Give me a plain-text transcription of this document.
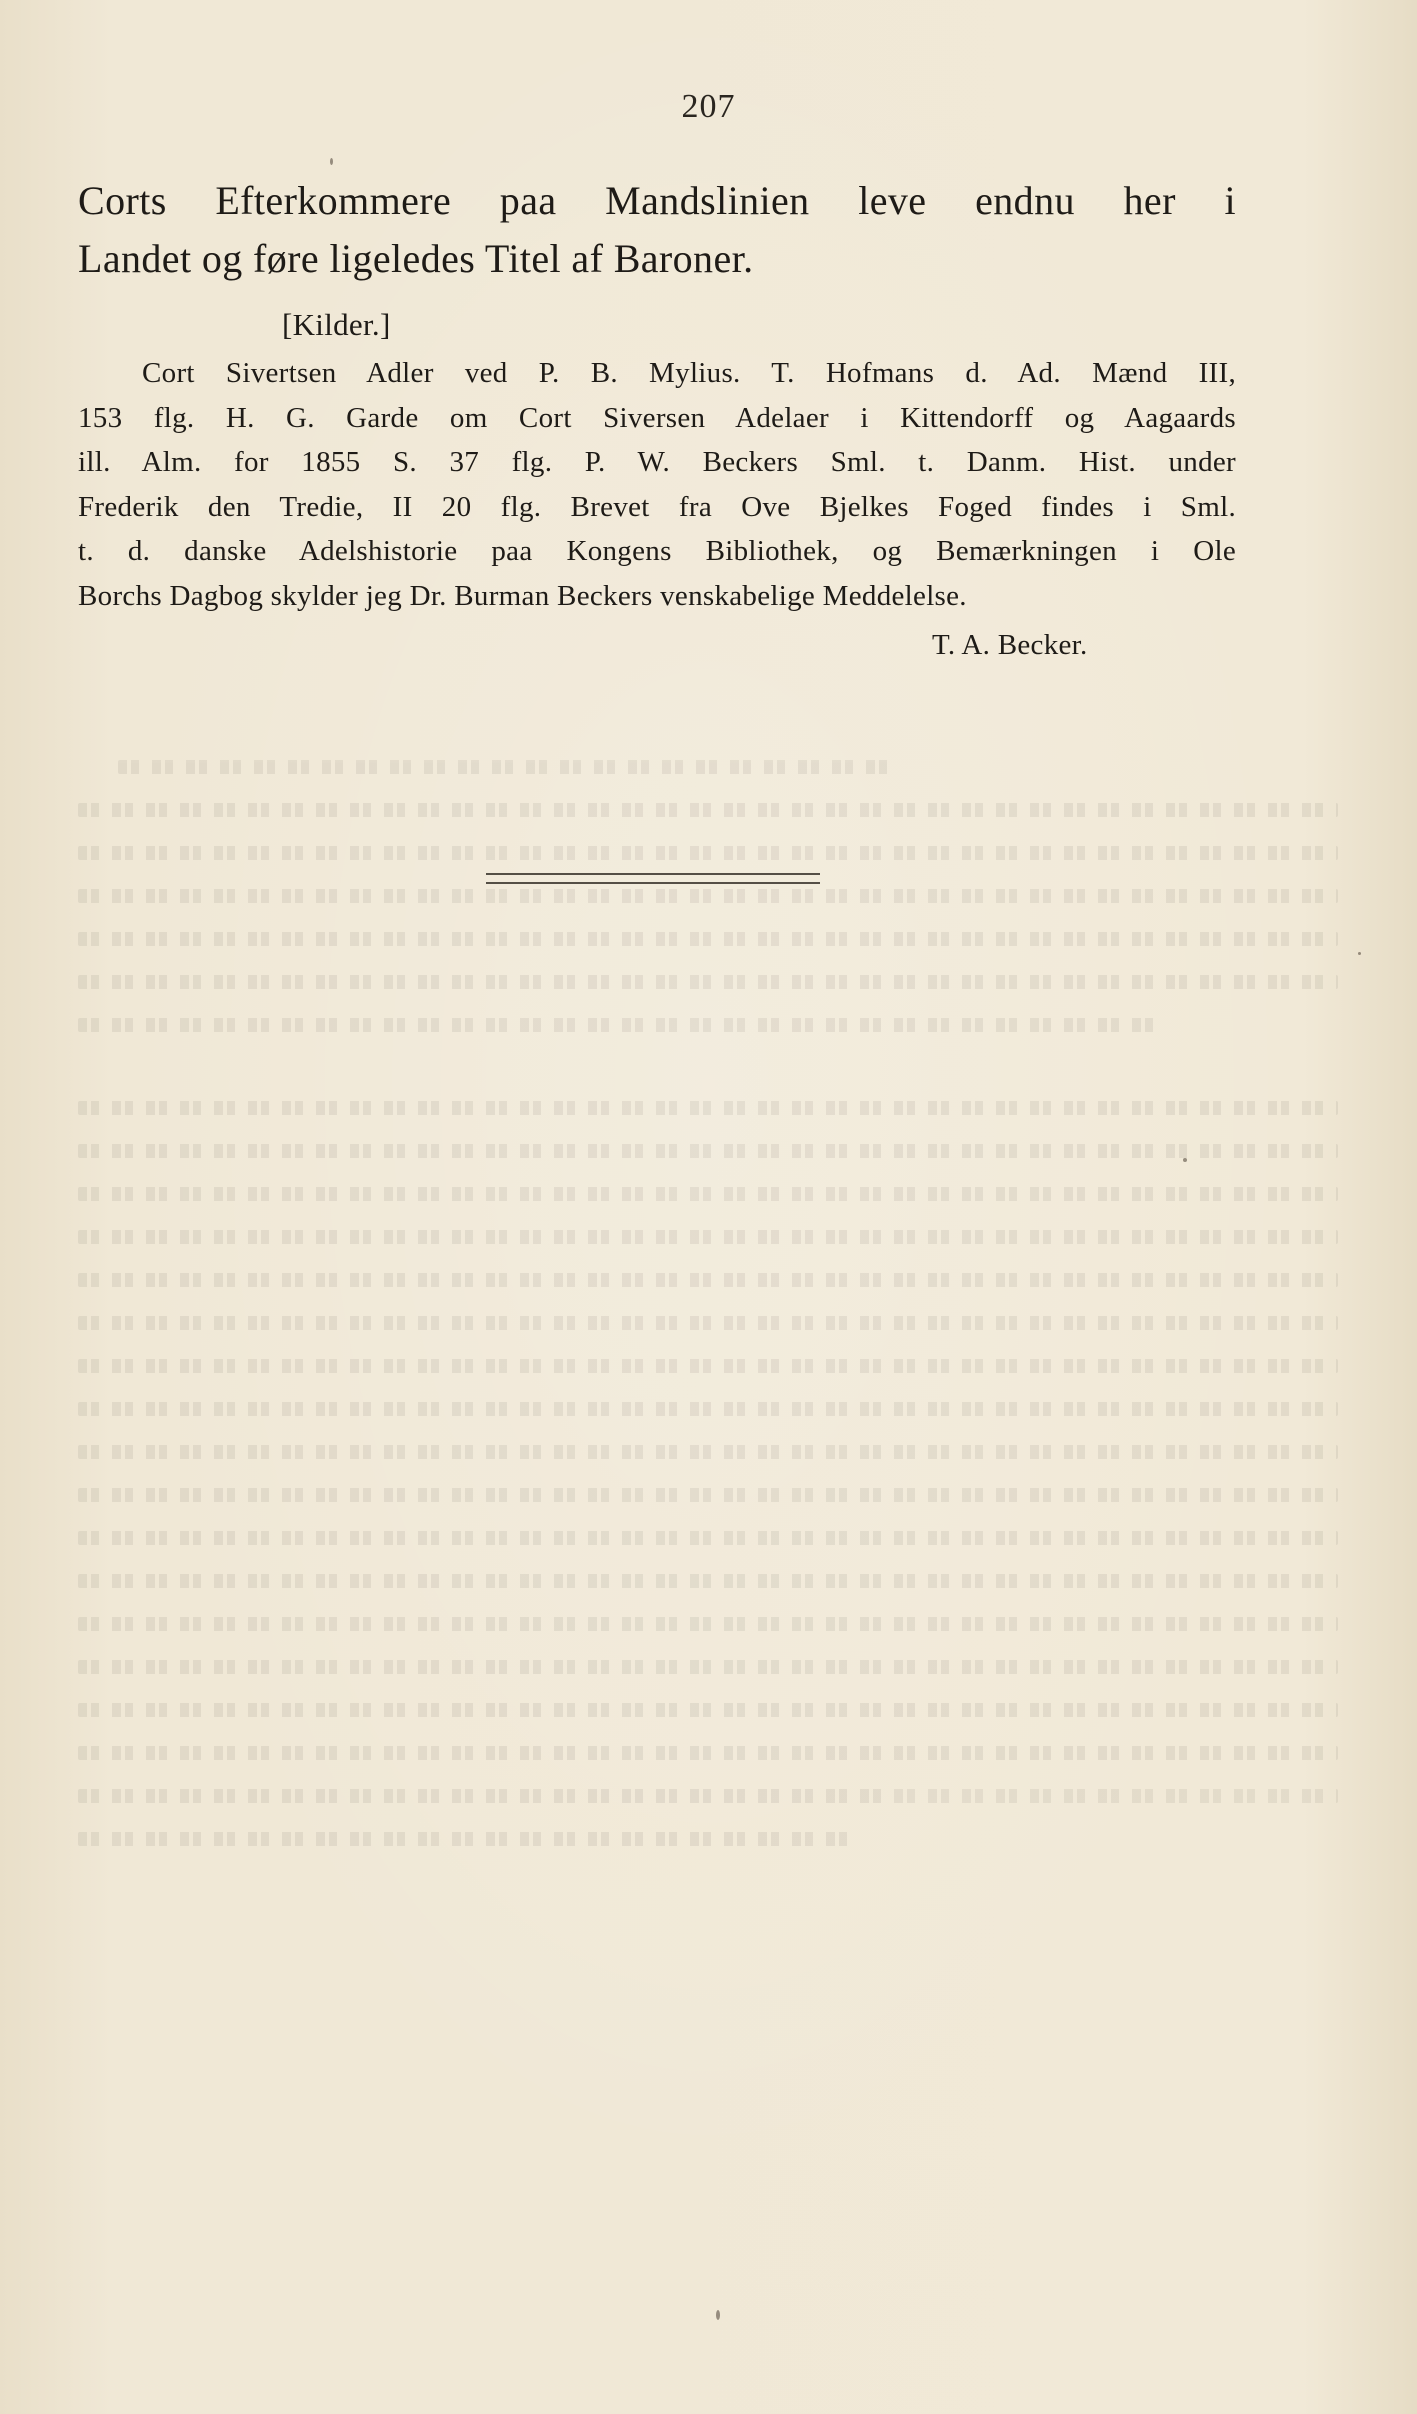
207
Corts Efterkommere paa Mandslinien leve endnu her i
Landet og føre ligeledes Titel af Baroner.
[Kilder.]
Cort Sivertsen Adler ved P. B. Mylius. T. Hofmans d. Ad. Mænd III,
153 flg. H. G. Garde om Cort Siversen Adelaer i Kittendorff og Aagaards
ill. Alm. for 1855 S. 37 flg. P. W. Beckers Sml. t. Danm. Hist. under
Frederik den Tredie, II 20 flg. Brevet fra Ove Bjelkes Foged findes i Sml.
t. d. danske Adelshistorie paa Kongens Bibliothek, og Bemærkningen i Ole
Borchs Dagbog skylder jeg Dr. Burman Beckers venskabelige Meddelelse.
T. A. Becker.
